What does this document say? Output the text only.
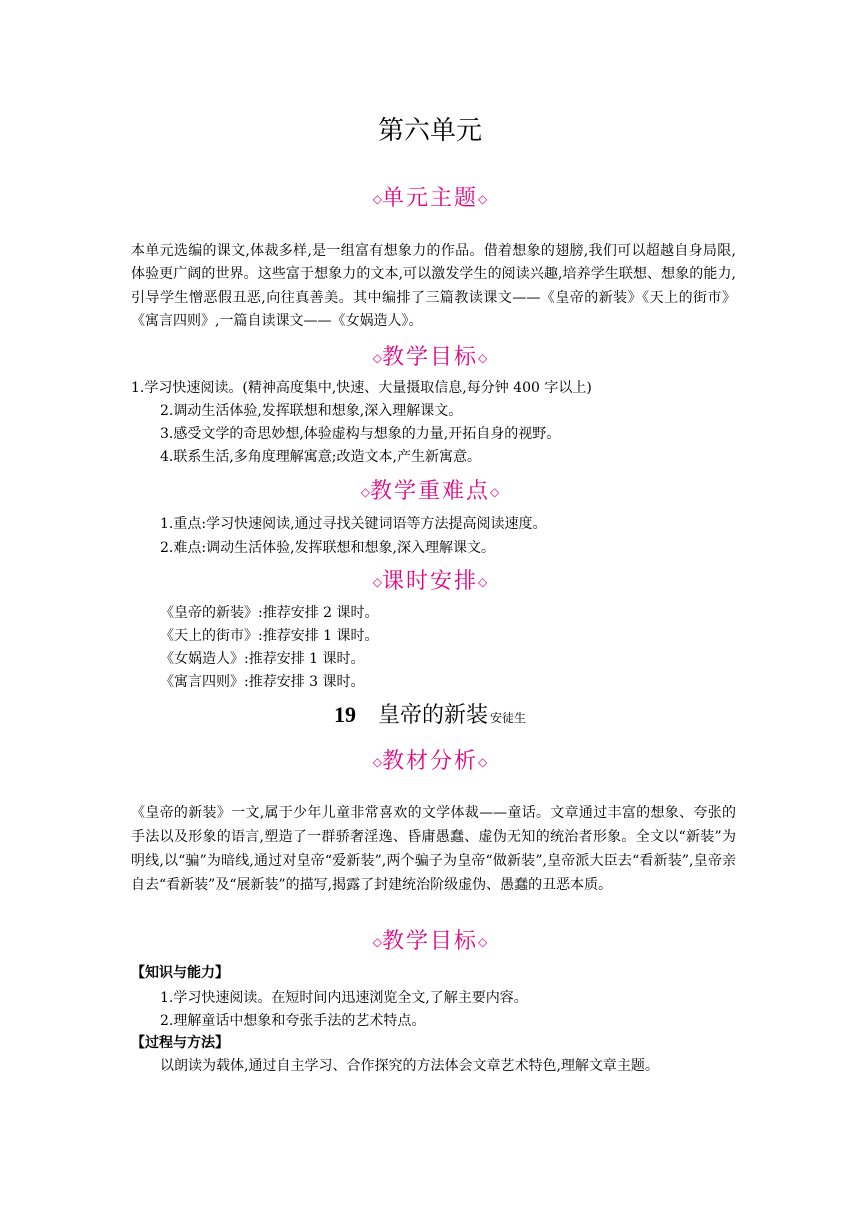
第六单元
◇单元主题◇
本单元选编的课文,体裁多样,是一组富有想象力的作品。借着想象的翅膀,我们可以超越自身局限,体验更广阔的世界。这些富于想象力的文本,可以激发学生的阅读兴趣,培养学生联想、想象的能力,引导学生憎恶假丑恶,向往真善美。其中编排了三篇教读课文——《皇帝的新装》《天上的街市》《寓言四则》,一篇自读课文——《女娲造人》。
◇教学目标◇
1.学习快速阅读。(精神高度集中,快速、大量摄取信息,每分钟 400 字以上)
2.调动生活体验,发挥联想和想象,深入理解课文。
3.感受文学的奇思妙想,体验虚构与想象的力量,开拓自身的视野。
4.联系生活,多角度理解寓意;改造文本,产生新寓意。
◇教学重难点◇
1.重点:学习快速阅读,通过寻找关键词语等方法提高阅读速度。
2.难点:调动生活体验,发挥联想和想象,深入理解课文。
◇课时安排◇
《皇帝的新装》:推荐安排 2 课时。
《天上的街市》:推荐安排 1 课时。
《女娲造人》:推荐安排 1 课时。
《寓言四则》:推荐安排 3 课时。
19 皇帝的新装 安徒生
◇教材分析◇
《皇帝的新装》一文,属于少年儿童非常喜欢的文学体裁——童话。文章通过丰富的想象、夸张的手法以及形象的语言,塑造了一群骄奢淫逸、昏庸愚蠢、虚伪无知的统治者形象。全文以“新装”为明线,以“骗”为暗线,通过对皇帝“爱新装”,两个骗子为皇帝“做新装”,皇帝派大臣去“看新装”,皇帝亲自去“看新装”及“展新装”的描写,揭露了封建统治阶级虚伪、愚蠢的丑恶本质。
◇教学目标◇
【知识与能力】
1.学习快速阅读。在短时间内迅速浏览全文,了解主要内容。
2.理解童话中想象和夸张手法的艺术特点。
【过程与方法】
以朗读为载体,通过自主学习、合作探究的方法体会文章艺术特色,理解文章主题。
